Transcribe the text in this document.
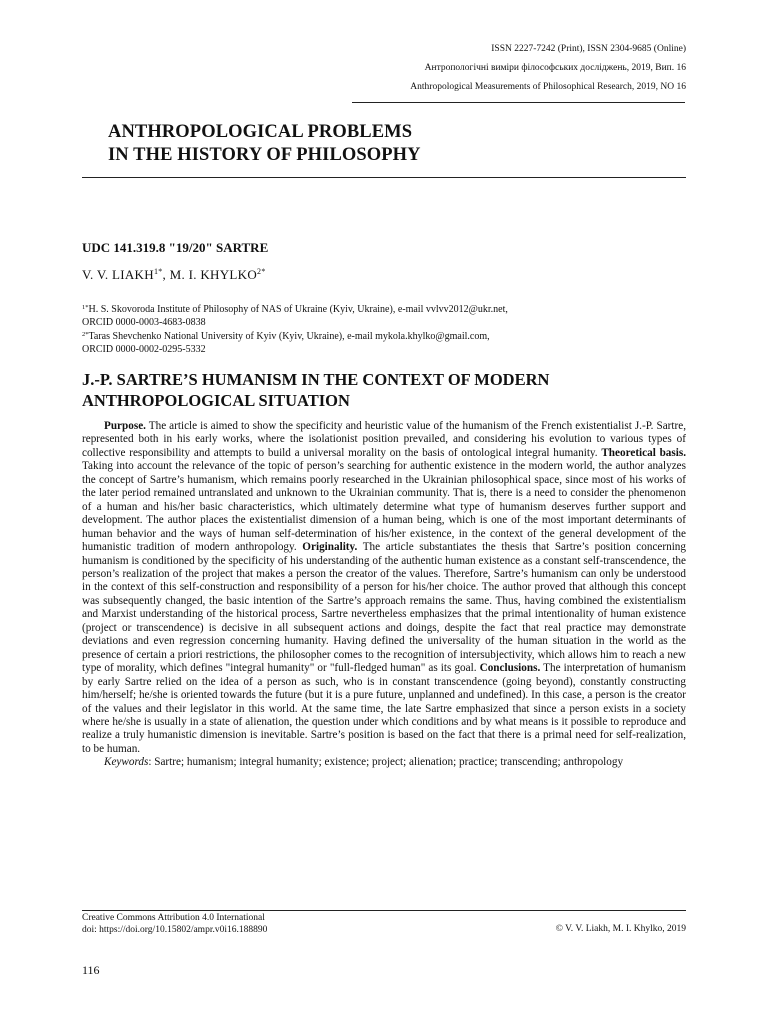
ISSN 2227-7242 (Print), ISSN 2304-9685 (Online)
Антропологічні виміри філософських досліджень, 2019, Вип. 16
Anthropological Measurements of Philosophical Research, 2019, NO 16
ANTHROPOLOGICAL PROBLEMS
IN THE HISTORY OF PHILOSOPHY
UDC 141.319.8 "19/20" SARTRE
V. V. $LIAKH^{1*}$, M. I. $KHYLKO^{2*}$
$^{1*}$H. S. Skovoroda Institute of Philosophy of NAS of Ukraine (Kyiv, Ukraine), e-mail vvlvv2012@ukr.net,
ORCID 0000-0003-4683-0838
$^{2*}$Taras Shevchenko National University of Kyiv (Kyiv, Ukraine), e-mail mykola.khylko@gmail.com,
ORCID 0000-0002-0295-5332
J.-P. SARTRE’S HUMANISM IN THE CONTEXT OF MODERN
ANTHROPOLOGICAL SITUATION

Purpose. The article is aimed to show the specificity and heuristic value of the humanism of the French existentialist J.-P. Sartre, represented both in his early works, where the isolationist position prevailed, and considering his evolution to various types of collective responsibility and attempts to build a universal morality on the basis of ontological integral humanity. Theoretical basis. Taking into account the relevance of the topic of person’s searching for authentic existence in the modern world, the author analyzes the concept of Sartre’s humanism, which remains poorly researched in the Ukrainian philosophical space, since most of his works of the later period remained untranslated and unknown to the Ukrainian community. That is, there is a need to consider the phenomenon of a human and his/her basic characteristics, which ultimately determine what type of humanism deserves further support and development. The author places the existentialist dimension of a human being, which is one of the most important determinants of human behavior and the ways of human self-determination of his/her existence, in the context of the general development of the humanistic tradition of modern anthropology. Originality. The article substantiates the thesis that Sartre’s position concerning humanism is conditioned by the specificity of his understanding of the authentic human existence as a constant self-transcendence, the person’s realization of the project that makes a person the creator of the values. Therefore, Sartre’s humanism can only be understood in the context of this self-construction and responsibility of a person for his/her choice. The author proved that although this concept was subsequently changed, the basic intention of the Sartre’s approach remains the same. Thus, having combined the existentialism and Marxist understanding of the historical process, Sartre nevertheless emphasizes that the primal intentionality of human existence (project or transcendence) is decisive in all subsequent actions and doings, despite the fact that real practice may demonstrate deviations and even regression concerning humanity. Having defined the universality of the human situation in the world as the presence of certain a priori restrictions, the philosopher comes to the recognition of intersubjectivity, which allows him to reach a new type of morality, which defines "integral humanity" or "full-fledged human" as its goal. Conclusions. The interpretation of humanism by early Sartre relied on the idea of a person as such, who is in constant transcendence (going beyond), constantly constructing him/herself; he/she is oriented towards the future (but it is a pure future, unplanned and undefined). In this case, a person is the creator of the values and their legislator in this world. At the same time, the late Sartre emphasized that since a person exists in a society where he/she is usually in a state of alienation, the question under which conditions and by what means is it possible to reproduce and realize a truly humanistic dimension is inevitable. Sartre’s position is based on the fact that there is a primal need for self-realization, to be human.

Keywords: Sartre; humanism; integral humanity; existence; project; alienation; practice; transcending; anthropology

Creative Commons Attribution 4.0 International
doi: https://doi.org/10.15802/ampr.v0i16.188890	© V. V. Liakh, M. I. Khylko, 2019
116
